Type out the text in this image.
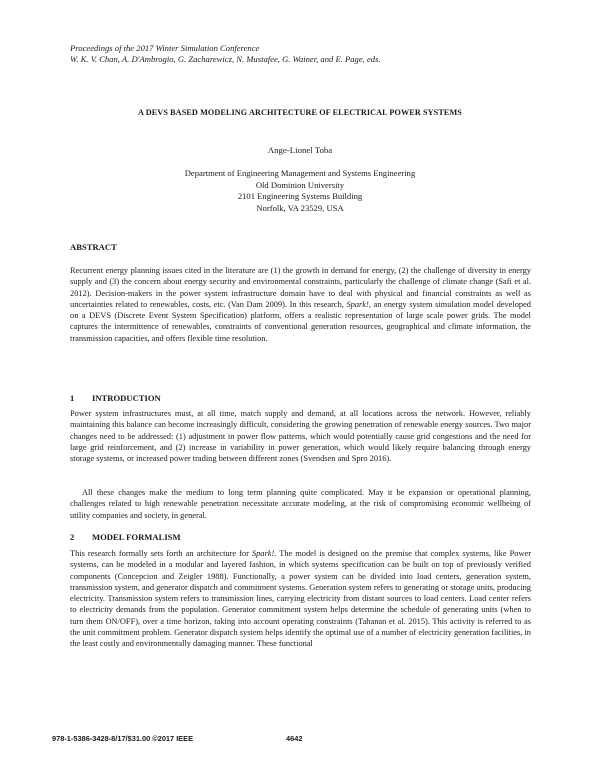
Proceedings of the 2017 Winter Simulation Conference
W. K. V. Chan, A. D'Ambrogio, G. Zacharewicz, N. Mustafee, G. Wainer, and E. Page, eds.
A DEVS BASED MODELING ARCHITECTURE OF ELECTRICAL POWER SYSTEMS
Ange-Lionel Toba
Department of Engineering Management and Systems Engineering
Old Dominion University
2101 Engineering Systems Building
Norfolk, VA 23529, USA
ABSTRACT
Recurrent energy planning issues cited in the literature are (1) the growth in demand for energy, (2) the challenge of diversity in energy supply and (3) the concern about energy security and environmental constraints, particularly the challenge of climate change (Safi et al. 2012). Decision-makers in the power system infrastructure domain have to deal with physical and financial constraints as well as uncertainties related to renewables, costs, etc. (Van Dam 2009). In this research, Spark!, an energy system simulation model developed on a DEVS (Discrete Event System Specification) platform, offers a realistic representation of large scale power grids. The model captures the intermittence of renewables, constraints of conventional generation resources, geographical and climate information, the transmission capacities, and offers flexible time resolution.
1 INTRODUCTION
Power system infrastructures must, at all time, match supply and demand, at all locations across the network. However, reliably maintaining this balance can become increasingly difficult, considering the growing penetration of renewable energy sources. Two major changes need to be addressed: (1) adjustment in power flow patterns, which would potentially cause grid congestions and the need for large grid reinforcement, and (2) increase in variability in power generation, which would likely require balancing through energy storage systems, or increased power trading between different zones (Svendsen and Spro 2016).
All these changes make the medium to long term planning quite complicated. May it be expansion or operational planning, challenges related to high renewable penetration necessitate accurate modeling, at the risk of compromising economic wellbeing of utility companies and society, in general.
2 MODEL FORMALISM
This research formally sets forth an architecture for Spark!. The model is designed on the premise that complex systems, like Power systems, can be modeled in a modular and layered fashion, in which systems specification can be built on top of previously verified components (Concepcion and Zeigler 1988). Functionally, a power system can be divided into load centers, generation system, transmission system, and generator dispatch and commitment systems. Generation system refers to generating or storage units, producing electricity. Transmission system refers to transmission lines, carrying electricity from distant sources to load centers. Load center refers to electricity demands from the population. Generator commitment system helps determine the schedule of generating units (when to turn them ON/OFF), over a time horizon, taking into account operating constraints (Tahanan et al. 2015). This activity is referred to as the unit commitment problem. Generator dispatch system helps identify the optimal use of a number of electricity generation facilities, in the least costly and environmentally damaging manner. These functional
978-1-5386-3428-8/17/$31.00 ©2017 IEEE	4642
